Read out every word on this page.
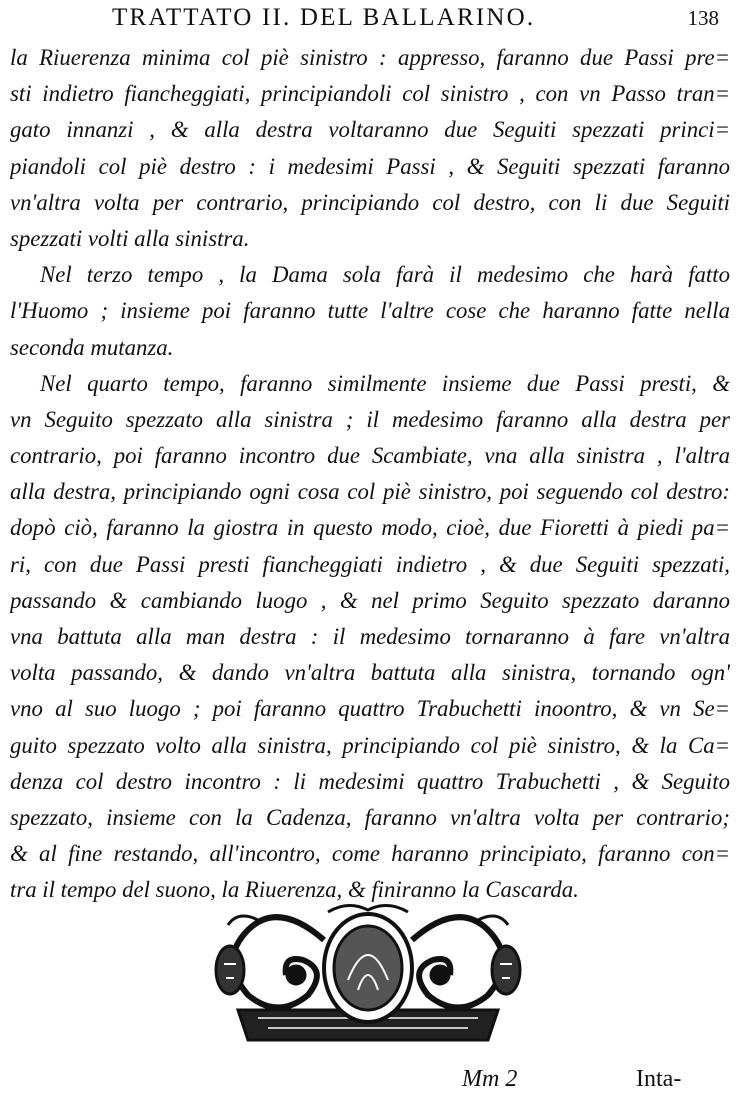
TRATTATO II. DEL BALLARINO.	138
la Riuerenza minima col piè sinistro : appresso, faranno due Passi pre=
sti indietro fiancheggiati, principiandoli col sinistro , con vn Passo tran=
gato innanzi , & alla destra voltaranno due Seguiti spezzati princi=
piandoli col piè destro : i medesimi Passi , & Seguiti spezzati faranno
vn'altra volta per contrario, principiando col destro, con li due Seguiti
spezzati volti alla sinistra.
Nel terzo tempo , la Dama sola farà il medesimo che harà fatto
l'Huomo ; insieme poi faranno tutte l'altre cose che haranno fatte nella
seconda mutanza.
Nel quarto tempo, faranno similmente insieme due Passi presti, &
vn Seguito spezzato alla sinistra ; il medesimo faranno alla destra per
contrario, poi faranno incontro due Scambiate, vna alla sinistra , l'altra
alla destra, principiando ogni cosa col piè sinistro, poi seguendo col destro:
dopò ciò, faranno la giostra in questo modo, cioè, due Fioretti à piedi pa=
ri, con due Passi presti fiancheggiati indietro , & due Seguiti spezzati,
passando & cambiando luogo , & nel primo Seguito spezzato daranno
vna battuta alla man destra : il medesimo tornaranno à fare vn'altra
volta passando, & dando vn'altra battuta alla sinistra, tornando ogn'
vno al suo luogo ; poi faranno quattro Trabuchetti inoontro, & vn Se=
guito spezzato volto alla sinistra, principiando col piè sinistro, & la Ca=
denza col destro incontro : li medesimi quattro Trabuchetti , & Seguito
spezzato, insieme con la Cadenza, faranno vn'altra volta per contrario;
& al fine restando, all'incontro, come haranno principiato, faranno con=
tra il tempo del suono, la Riuerenza, & finiranno la Cascarda.
Mm 2	Inta-
